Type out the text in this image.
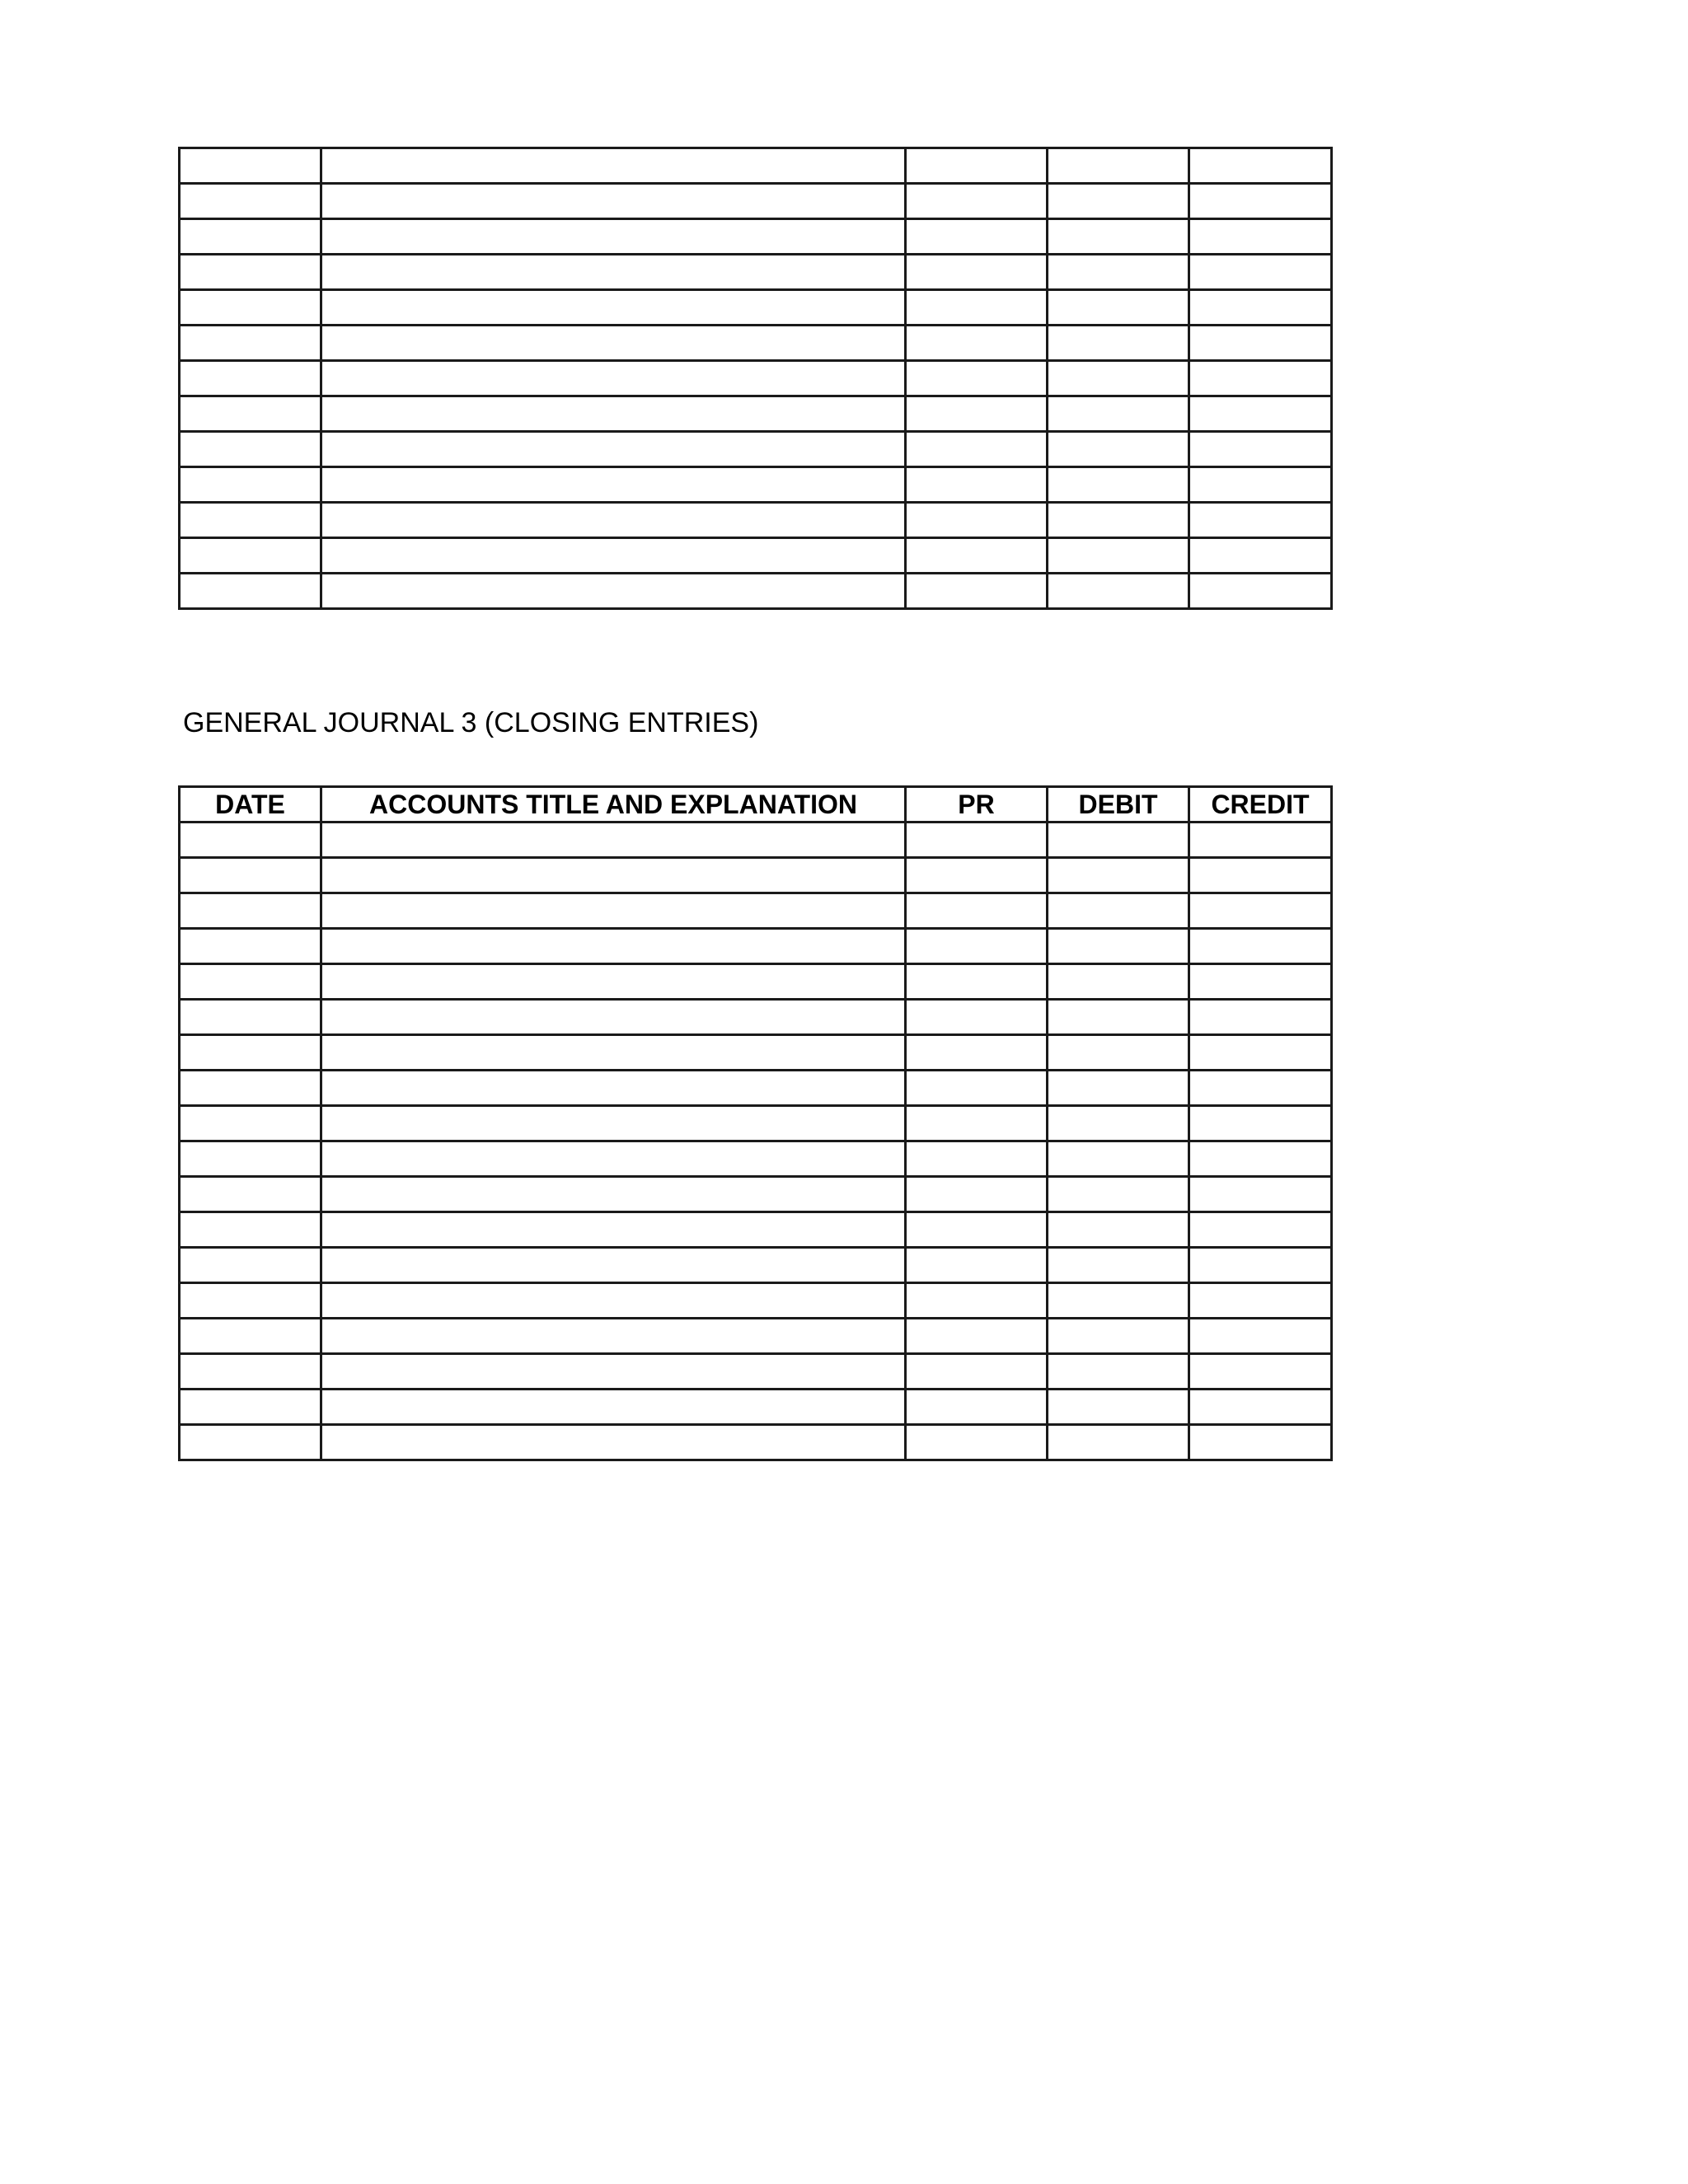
GENERAL JOURNAL 3 (CLOSING ENTRIES)
DATE	ACCOUNTS TITLE AND EXPLANATION	PR	DEBIT	CREDIT
